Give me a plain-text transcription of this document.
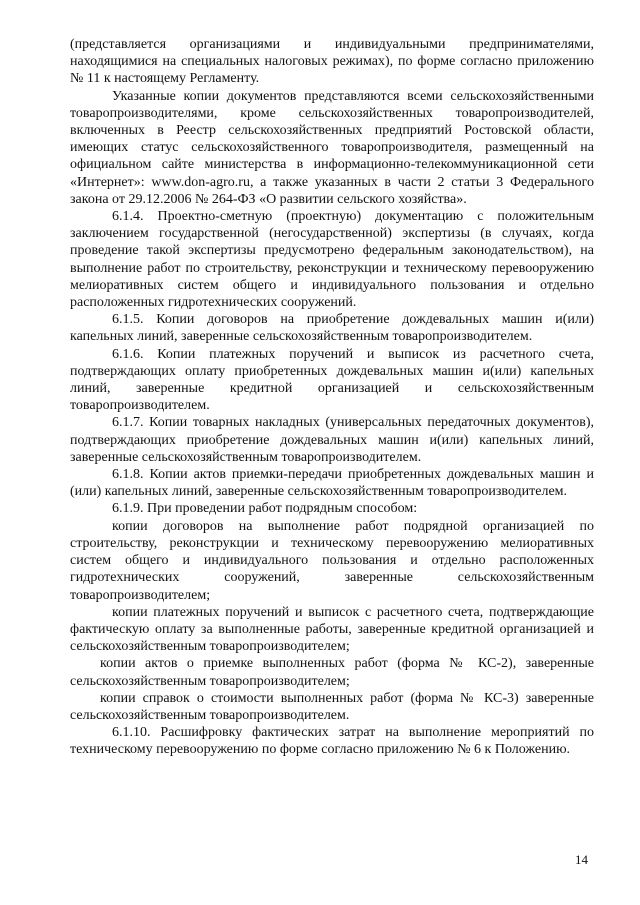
(представляется организациями и индивидуальными предпринимателями, находящимися на специальных налоговых режимах), по форме согласно приложению № 11 к настоящему Регламенту.

Указанные копии документов представляются всеми сельскохозяйственными товаропроизводителями, кроме сельскохозяйственных товаропроизводителей, включенных в Реестр сельскохозяйственных предприятий Ростовской области, имеющих статус сельскохозяйственного товаропроизводителя, размещенный на официальном сайте министерства в информационно-телекоммуникационной сети «Интернет»: www.don-agro.ru, а также указанных в части 2 статьи 3 Федерального закона от 29.12.2006 № 264-ФЗ «О развитии сельского хозяйства».

6.1.4. Проектно-сметную (проектную) документацию с положительным заключением государственной (негосударственной) экспертизы (в случаях, когда проведение такой экспертизы предусмотрено федеральным законодательством), на выполнение работ по строительству, реконструкции и техническому перевооружению мелиоративных систем общего и индивидуального пользования и отдельно расположенных гидротехнических сооружений.

6.1.5. Копии договоров на приобретение дождевальных машин и(или) капельных линий, заверенные сельскохозяйственным товаропроизводителем.

6.1.6. Копии платежных поручений и выписок из расчетного счета, подтверждающих оплату приобретенных дождевальных машин и(или) капельных линий, заверенные кредитной организацией и сельскохозяйственным товаропроизводителем.

6.1.7. Копии товарных накладных (универсальных передаточных документов), подтверждающих приобретение дождевальных машин и(или) капельных линий, заверенные сельскохозяйственным товаропроизводителем.

6.1.8. Копии актов приемки-передачи приобретенных дождевальных машин и (или) капельных линий, заверенные сельскохозяйственным товаропроизводителем.

6.1.9. При проведении работ подрядным способом:

копии договоров на выполнение работ подрядной организацией по строительству, реконструкции и техническому перевооружению мелиоративных систем общего и индивидуального пользования и отдельно расположенных гидротехнических сооружений, заверенные сельскохозяйственным товаропроизводителем;

копии платежных поручений и выписок с расчетного счета, подтверждающие фактическую оплату за выполненные работы, заверенные кредитной организацией и сельскохозяйственным товаропроизводителем;

копии актов о приемке выполненных работ (форма № КС-2), заверенные сельскохозяйственным товаропроизводителем;

копии справок о стоимости выполненных работ (форма № КС-3) заверенные сельскохозяйственным товаропроизводителем.

6.1.10. Расшифровку фактических затрат на выполнение мероприятий по техническому перевооружению по форме согласно приложению № 6 к Положению.

14
